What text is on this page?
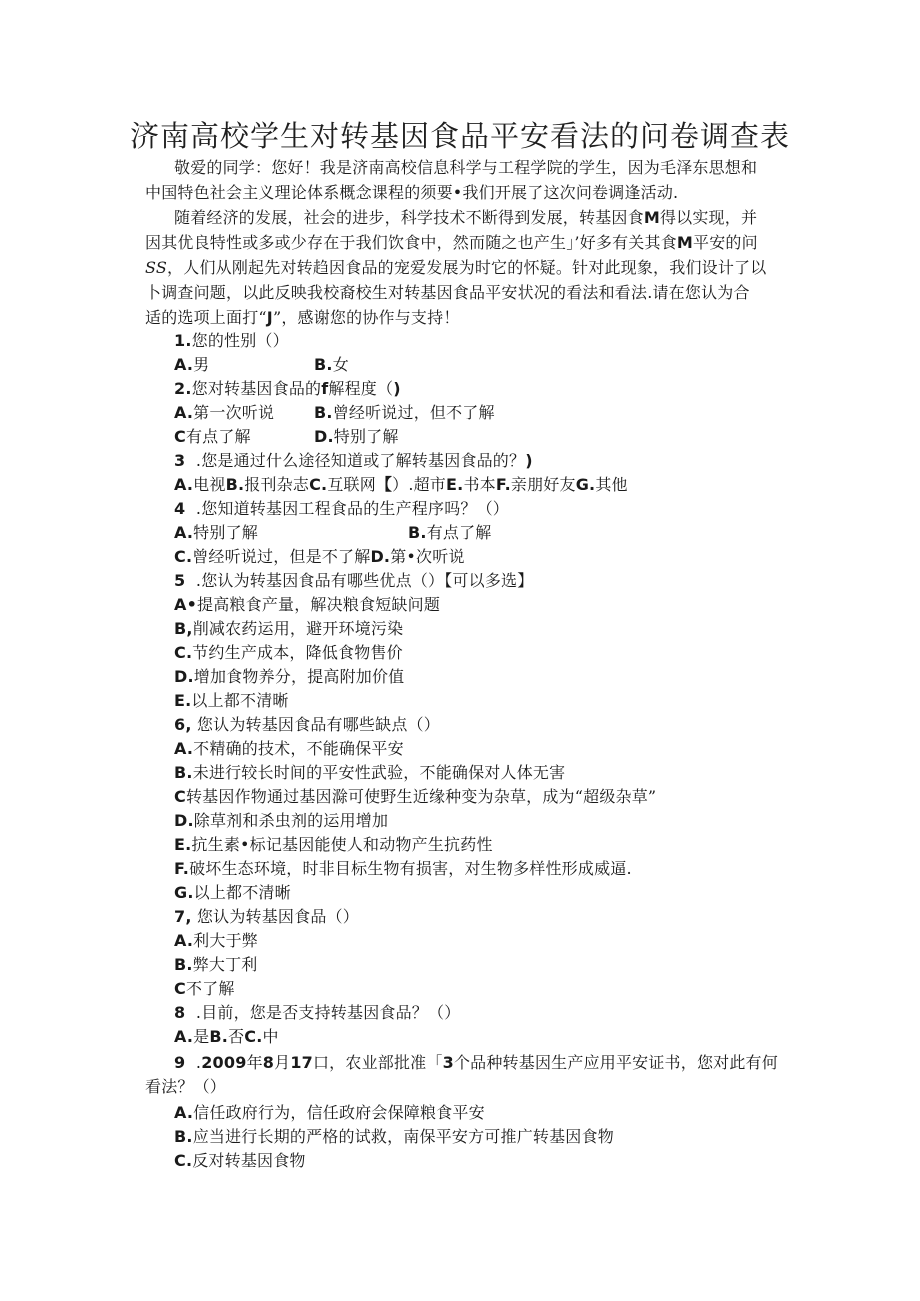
济南高校学生对转基因食品平安看法的问卷调查表
敬爱的同学：您好！我是济南高校信息科学与工程学院的学生，因为毛泽东思想和
中国特色社会主义理论体系概念课程的须要•我们开展了这次问卷调逢活动.
随着经济的发展，社会的进步，科学技术不断得到发展，转基因食M得以实现，并
因其优良特性或多或少存在于我们饮食中，然而随之也产生」’好多有关其食M平安的问
SS，人们从刚起先对转趋因食品的宠爱发展为时它的怀疑。针对此现象，我们设计了以
卜调查问题，以此反映我校裔校生对转基因食品平安状况的看法和看法.请在您认为合
适的选项上面打“J”，感谢您的协作与支持！
1.您的性别（）
A.男	B.女
2.您对转基因食品的f解程度（)
A.第一次听说 B.曾经听说过，但不了解
C有点了解	D.特别了解
3 .您是通过什么途径知道或了解转基因食品的？)
A.电视B.报刊杂志C.互联网【）.超市E.书本F.亲朋好友G.其他
4 .您知道转基因工程食品的生产程序吗？（）
A.特别了解	B.有点了解
C.曾经听说过，但是不了解D.第•次听说
5 .您认为转基因食品有哪些优点（）【可以多选】
A•提高粮食产量，解决粮食短缺问题
B,削减农药运用，避开环境污染
C.节约生产成本，降低食物售价
D.增加食物养分，提高附加价值
E.以上都不清晰
6, 您认为转基因食品有哪些缺点（）
A.不精确的技术，不能确保平安
B.未进行较长时间的平安性武验，不能确保对人体无害
C转基因作物通过基因滁可使野生近缘种变为杂草，成为“超级杂草”
D.除草剂和杀虫剂的运用增加
E.抗生素•标记基因能使人和动物产生抗药性
F.破坏生态环境，时非目标生物有损害，对生物多样性形成威逼.
G.以上都不清晰
7, 您认为转基因食品（）
A.利大于弊
B.弊大丁利
C不了解
8 .目前，您是否支持转基因食品？（）
A.是B.否C.中
9 .2009年8月17口，农业部批准「3个品种转基因生产应用平安证书，您对此有何
看法？（）
A.信任政府行为，信任政府会保障粮食平安
B.应当进行长期的严格的试救，南保平安方可推广转基因食物
C.反对转基因食物
